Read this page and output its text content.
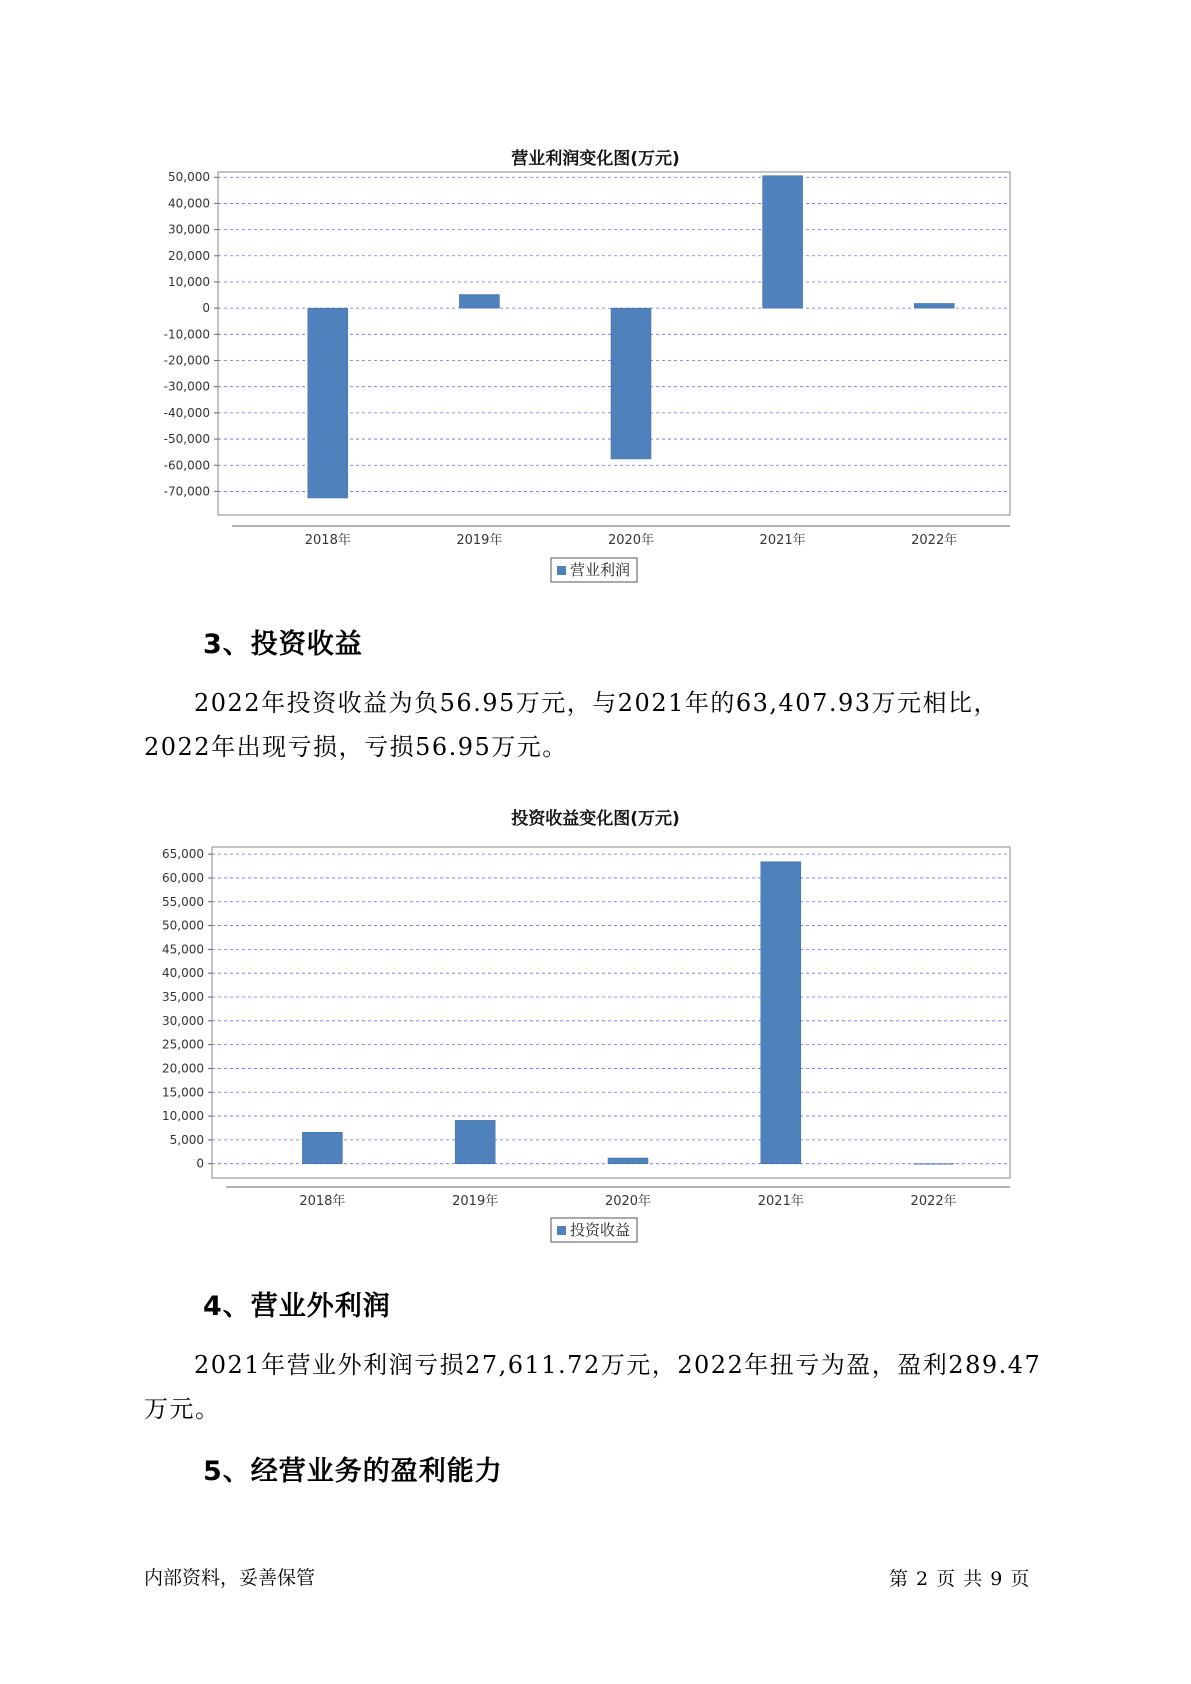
营业利润变化图(万元)
50,000
40,000
30,000
20,000
10,000
0
-10,000
-20,000
-30,000
-40,000
-50,000
-60,000
-70,000
2018年	2019年	2020年	2021年	2022年
营业利润
3、投资收益

2022年投资收益为负56.95万元，与2021年的63,407.93万元相比，2022年出现亏损，亏损56.95万元。

投资收益变化图(万元)
65,000
60,000
55,000
50,000
45,000
40,000
35,000
30,000
25,000
20,000
15,000
10,000
5,000
0
2018年	2019年	2020年	2021年	2022年
投资收益
4、营业外利润

2021年营业外利润亏损27,611.72万元，2022年扭亏为盈，盈利289.47万元。

5、经营业务的盈利能力
内部资料，妥善保管	第 2 页 共 9 页
